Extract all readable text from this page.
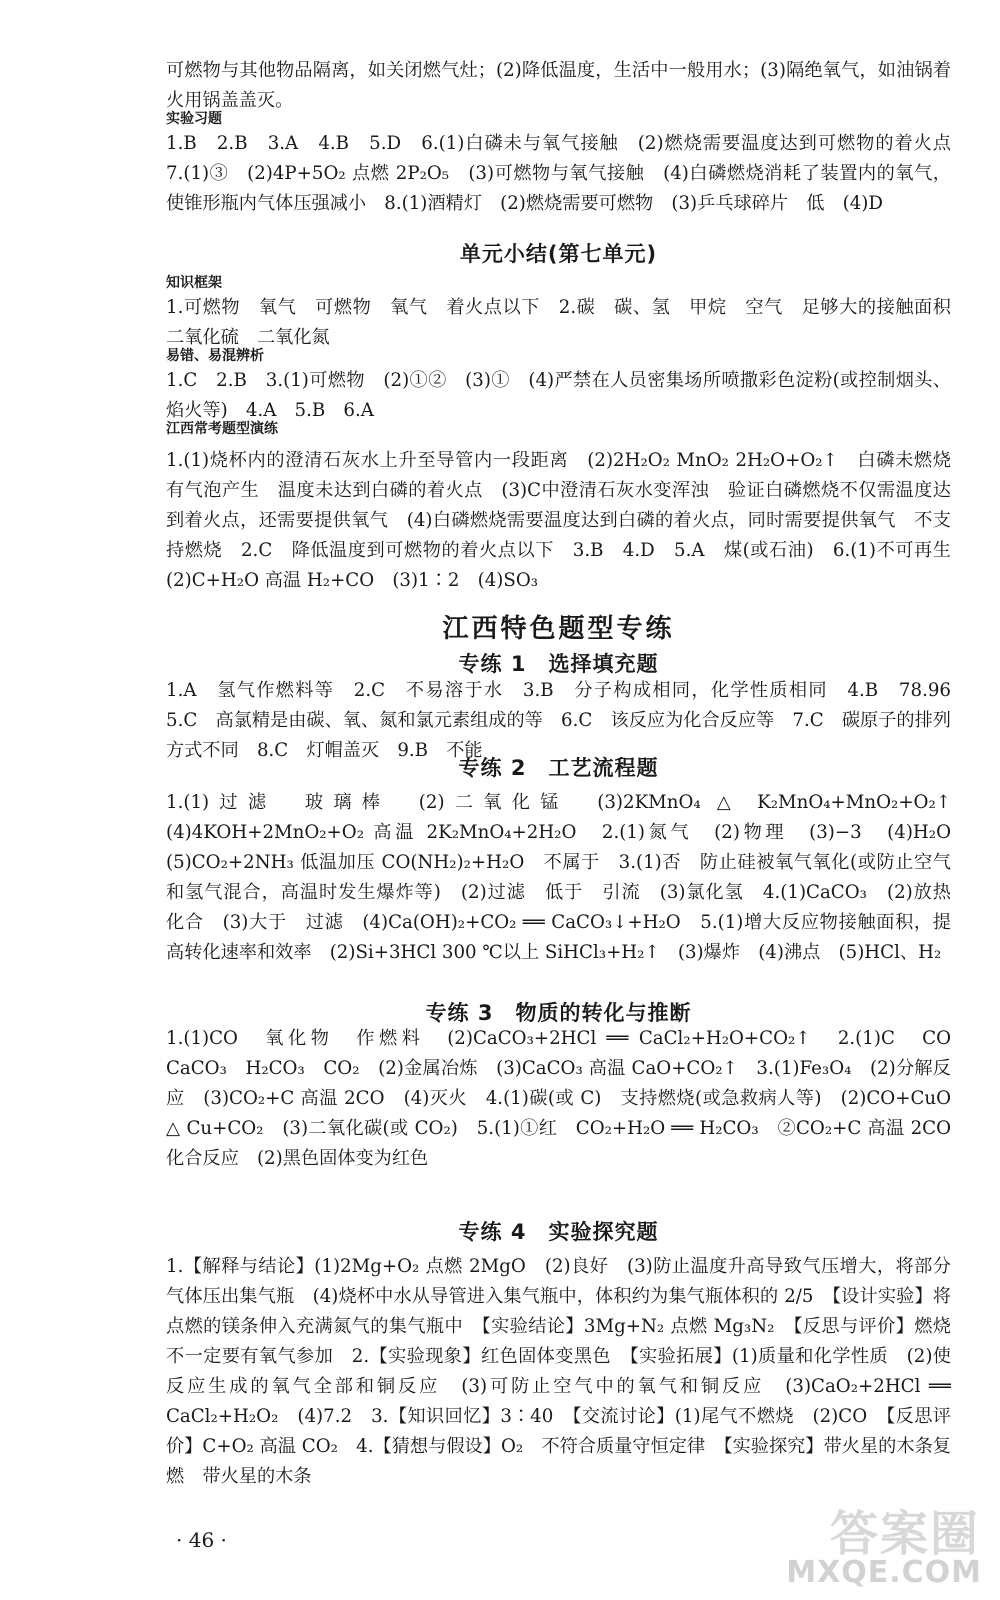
可燃物与其他物品隔离，如关闭燃气灶；(2)降低温度，生活中一般用水；(3)隔绝氧气，如油锅着火用锅盖盖灭。

实验习题

1.B　2.B　3.A　4.B　5.D　6.(1)白磷未与氧气接触　(2)燃烧需要温度达到可燃物的着火点　7.(1)③　(2)4P+5O₂ 点燃 2P₂O₅　(3)可燃物与氧气接触　(4)白磷燃烧消耗了装置内的氧气，使锥形瓶内气体压强减小　8.(1)酒精灯　(2)燃烧需要可燃物　(3)乒乓球碎片　低　(4)D

单元小结(第七单元)
知识框架

1.可燃物　氧气　可燃物　氧气　着火点以下　2.碳　碳、氢　甲烷　空气　足够大的接触面积　二氧化硫　二氧化氮

易错、易混辨析

1.C　2.B　3.(1)可燃物　(2)①②　(3)①　(4)严禁在人员密集场所喷撒彩色淀粉(或控制烟头、焰火等)　4.A　5.B　6.A

江西常考题型演练

1.(1)烧杯内的澄清石灰水上升至导管内一段距离　(2)2H₂O₂ MnO₂ 2H₂O+O₂↑　白磷未燃烧　有气泡产生　温度未达到白磷的着火点　(3)C中澄清石灰水变浑浊　验证白磷燃烧不仅需温度达到着火点，还需要提供氧气　(4)白磷燃烧需要温度达到白磷的着火点，同时需要提供氧气　不支持燃烧　2.C　降低温度到可燃物的着火点以下　3.B　4.D　5.A　煤(或石油)　6.(1)不可再生　(2)C+H₂O 高温 H₂+CO　(3)1∶2　(4)SO₃

江西特色题型专练
专练 1　选择填充题

1.A　氢气作燃料等　2.C　不易溶于水　3.B　分子构成相同，化学性质相同　4.B　78.96　5.C　高氯精是由碳、氧、氮和氯元素组成的等　6.C　该反应为化合反应等　7.C　碳原子的排列方式不同　8.C　灯帽盖灭　9.B　不能

专练 2　工艺流程题

1.(1)过滤　玻璃棒　(2)二氧化锰　(3)2KMnO₄ △ K₂MnO₄+MnO₂+O₂↑　(4)4KOH+2MnO₂+O₂ 高温 2K₂MnO₄+2H₂O　2.(1)氮气　(2)物理　(3)−3　(4)H₂O　(5)CO₂+2NH₃ 低温加压 CO(NH₂)₂+H₂O　不属于　3.(1)否　防止硅被氧气氧化(或防止空气和氢气混合，高温时发生爆炸等)　(2)过滤　低于　引流　(3)氯化氢　4.(1)CaCO₃　(2)放热　化合　(3)大于　过滤　(4)Ca(OH)₂+CO₂ ══ CaCO₃↓+H₂O　5.(1)增大反应物接触面积，提高转化速率和效率　(2)Si+3HCl 300 ℃以上 SiHCl₃+H₂↑　(3)爆炸　(4)沸点　(5)HCl、H₂

专练 3　物质的转化与推断

1.(1)CO　氧化物　作燃料　(2)CaCO₃+2HCl ══ CaCl₂+H₂O+CO₂↑　2.(1)C　CO　CaCO₃　H₂CO₃　CO₂　(2)金属冶炼　(3)CaCO₃ 高温 CaO+CO₂↑　3.(1)Fe₃O₄　(2)分解反应　(3)CO₂+C 高温 2CO　(4)灭火　4.(1)碳(或 C)　支持燃烧(或急救病人等)　(2)CO+CuO △ Cu+CO₂　(3)二氧化碳(或 CO₂)　5.(1)①红　CO₂+H₂O ══ H₂CO₃　②CO₂+C 高温 2CO　化合反应　(2)黑色固体变为红色

专练 4　实验探究题

1.【解释与结论】(1)2Mg+O₂ 点燃 2MgO　(2)良好　(3)防止温度升高导致气压增大，将部分气体压出集气瓶　(4)烧杯中水从导管进入集气瓶中，体积约为集气瓶体积的 2/5　【设计实验】将点燃的镁条伸入充满氮气的集气瓶中　【实验结论】3Mg+N₂ 点燃 Mg₃N₂　【反思与评价】燃烧不一定要有氧气参加　2.【实验现象】红色固体变黑色　【实验拓展】(1)质量和化学性质　(2)使反应生成的氧气全部和铜反应　(3)可防止空气中的氧气和铜反应　(3)CaO₂+2HCl ══ CaCl₂+H₂O₂　(4)7.2　3.【知识回忆】3∶40　【交流讨论】(1)尾气不燃烧　(2)CO　【反思评价】C+O₂ 高温 CO₂　4.【猜想与假设】O₂　不符合质量守恒定律　【实验探究】带火星的木条复燃　带火星的木条

· 46 ·	答案圈
MXQE.COM
